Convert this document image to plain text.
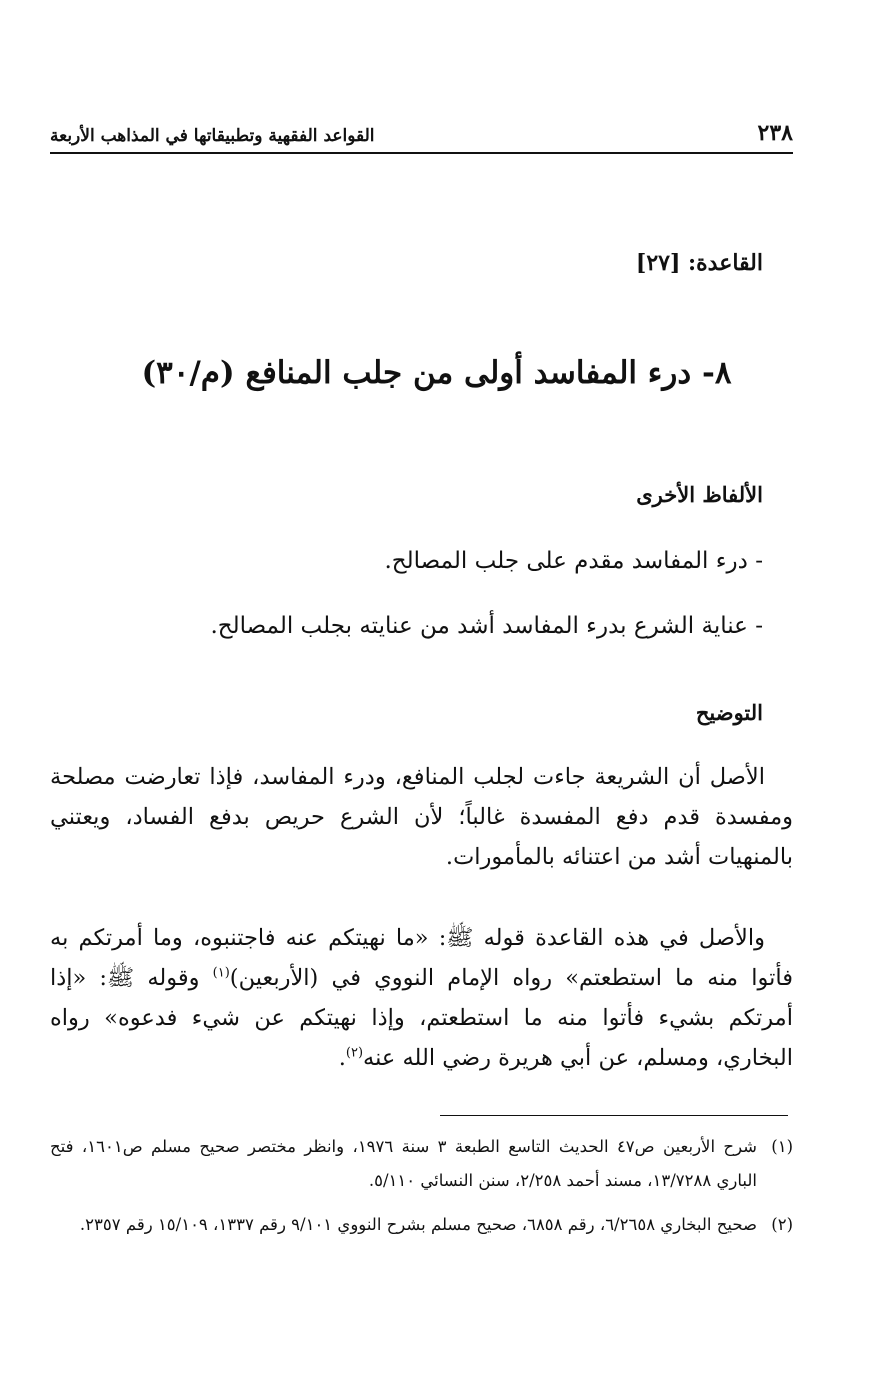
٢٣٨
القواعد الفقهية وتطبيقاتها في المذاهب الأربعة
القاعدة: [٢٧]
٨- درء المفاسد أولى من جلب المنافع (م/٣٠)
الألفاظ الأخرى
- درء المفاسد مقدم على جلب المصالح.
- عناية الشرع بدرء المفاسد أشد من عنايته بجلب المصالح.
التوضيح
الأصل أن الشريعة جاءت لجلب المنافع، ودرء المفاسد، فإذا تعارضت مصلحة ومفسدة قدم دفع المفسدة غالباً؛ لأن الشرع حريص بدفع الفساد، ويعتني بالمنهيات أشد من اعتنائه بالمأمورات.
والأصل في هذه القاعدة قوله ﷺ: «ما نهيتكم عنه فاجتنبوه، وما أمرتكم به فأتوا منه ما استطعتم» رواه الإمام النووي في (الأربعين)$^{(١)}$ وقوله ﷺ: «إذا أمرتكم بشيء فأتوا منه ما استطعتم، وإذا نهيتكم عن شيء فدعوه» رواه البخاري، ومسلم، عن أبي هريرة رضي الله عنه$^{(٢)}$.
(١)
شرح الأربعين ص٤٧ الحديث التاسع الطبعة ٣ سنة ١٩٧٦، وانظر مختصر صحيح مسلم ص١٦٠١، فتح الباري ١٣/٧٢٨٨، مسند أحمد ٢/٢٥٨، سنن النسائي ٥/١١٠.
(٢)
صحيح البخاري ٦/٢٦٥٨، رقم ٦٨٥٨، صحيح مسلم بشرح النووي ٩/١٠١ رقم ١٣٣٧، ١٥/١٠٩ رقم ٢٣٥٧.
